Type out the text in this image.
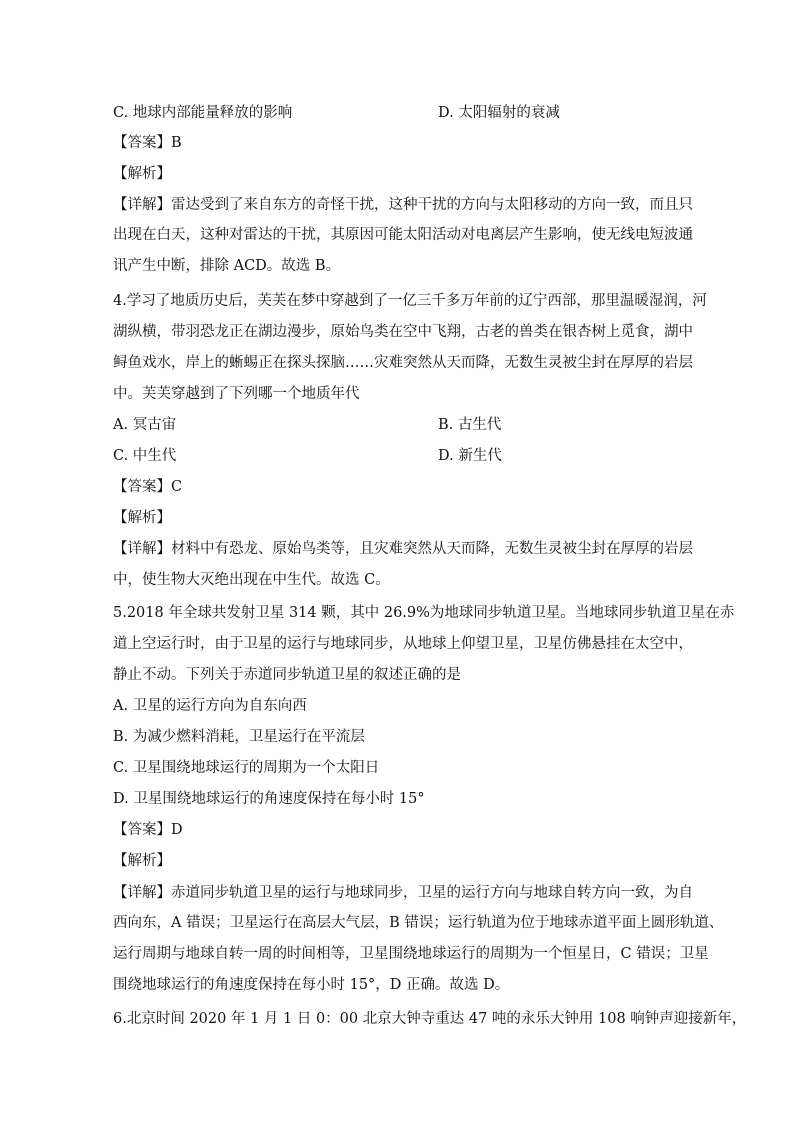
C. 地球内部能量释放的影响	D. 太阳辐射的衰减
【答案】B
【解析】
【详解】雷达受到了来自东方的奇怪干扰，这种干扰的方向与太阳移动的方向一致，而且只
出现在白天，这种对雷达的干扰，其原因可能太阳活动对电离层产生影响，使无线电短波通
讯产生中断，排除 ACD。故选 B。
4.学习了地质历史后，芙芙在梦中穿越到了一亿三千多万年前的辽宁西部，那里温暖湿润，河
湖纵横，带羽恐龙正在湖边漫步，原始鸟类在空中飞翔，古老的兽类在银杏树上觅食，湖中
鲟鱼戏水，岸上的蜥蜴正在探头探脑……灾难突然从天而降，无数生灵被尘封在厚厚的岩层
中。芙芙穿越到了下列哪一个地质年代
A. 冥古宙	B. 古生代
C. 中生代	D. 新生代
【答案】C
【解析】
【详解】材料中有恐龙、原始鸟类等，且灾难突然从天而降，无数生灵被尘封在厚厚的岩层
中，使生物大灭绝出现在中生代。故选 C。
5.2018 年全球共发射卫星 314 颗，其中 26.9%为地球同步轨道卫星。当地球同步轨道卫星在赤
道上空运行时，由于卫星的运行与地球同步，从地球上仰望卫星，卫星仿佛悬挂在太空中，
静止不动。下列关于赤道同步轨道卫星的叙述正确的是
A. 卫星的运行方向为自东向西
B. 为减少燃料消耗，卫星运行在平流层
C. 卫星围绕地球运行的周期为一个太阳日
D. 卫星围绕地球运行的角速度保持在每小时 15°
【答案】D
【解析】
【详解】赤道同步轨道卫星的运行与地球同步，卫星的运行方向与地球自转方向一致，为自
西向东，A 错误；卫星运行在高层大气层，B 错误；运行轨道为位于地球赤道平面上圆形轨道、
运行周期与地球自转一周的时间相等，卫星围绕地球运行的周期为一个恒星日，C 错误；卫星
围绕地球运行的角速度保持在每小时 15°，D 正确。故选 D。
6.北京时间 2020 年 1 月 1 日 0：00 北京大钟寺重达 47 吨的永乐大钟用 108 响钟声迎接新年，
